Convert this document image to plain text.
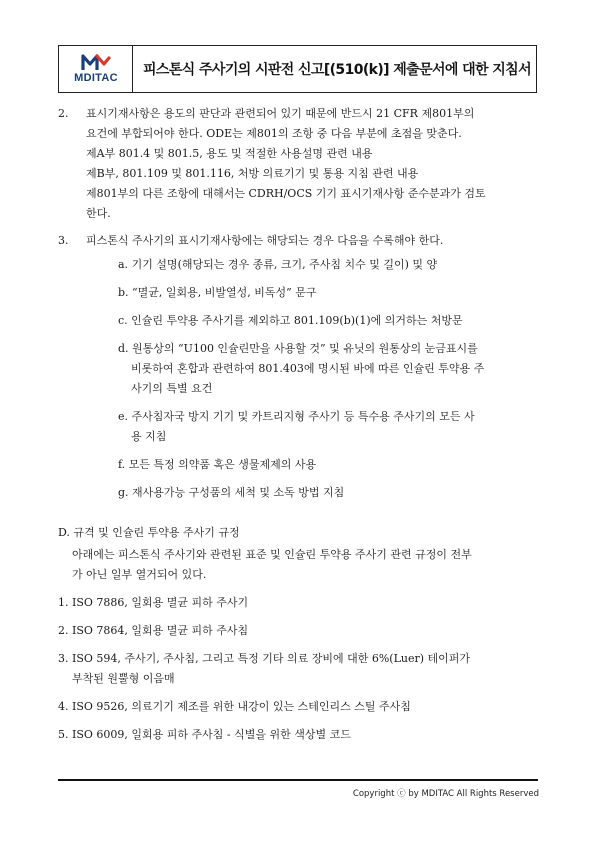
MDITAC	피스톤식 주사기의 시판전 신고[(510(k)] 제출문서에 대한 지침서
2. 표시기재사항은 용도의 판단과 관련되어 있기 때문에 반드시 21 CFR 제801부의
요건에 부합되어야 한다. ODE는 제801의 조항 중 다음 부분에 초점을 맞춘다.
제A부 801.4 및 801.5, 용도 및 적절한 사용설명 관련 내용
제B부, 801.109 및 801.116, 처방 의료기기 및 통용 지침 관련 내용
제801부의 다른 조항에 대해서는 CDRH/OCS 기기 표시기재사항 준수분과가 검토
한다.
3. 피스톤식 주사기의 표시기재사항에는 해당되는 경우 다음을 수록해야 한다.
a. 기기 설명(해당되는 경우 종류, 크기, 주사침 치수 및 길이) 및 양
b. “멸균, 일회용, 비발열성, 비독성” 문구
c. 인슐린 투약용 주사기를 제외하고 801.109(b)(1)에 의거하는 처방문
d. 원통상의 “U100 인슐린만을 사용할 것” 및 유닛의 원통상의 눈금표시를
비롯하여 혼합과 관련하여 801.403에 명시된 바에 따른 인슐린 투약용 주
사기의 특별 요건
e. 주사침자국 방지 기기 및 카트리지형 주사기 등 특수용 주사기의 모든 사
용 지침
f. 모든 특정 의약품 혹은 생물제제의 사용
g. 재사용가능 구성품의 세척 및 소독 방법 지침
D. 규격 및 인슐린 투약용 주사기 규정
아래에는 피스톤식 주사기와 관련된 표준 및 인슐린 투약용 주사기 관련 규정이 전부
가 아닌 일부 열거되어 있다.
1. ISO 7886, 일회용 멸균 피하 주사기
2. ISO 7864, 일회용 멸균 피하 주사침
3. ISO 594, 주사기, 주사침, 그리고 특정 기타 의료 장비에 대한 6%(Luer) 테이퍼가
부착된 원뿔형 이음매
4. ISO 9526, 의료기기 제조를 위한 내강이 있는 스테인리스 스틸 주사침
5. ISO 6009, 일회용 피하 주사침 - 식별을 위한 색상별 코드
Copyright ⓒ by MDITAC All Rights Reserved
